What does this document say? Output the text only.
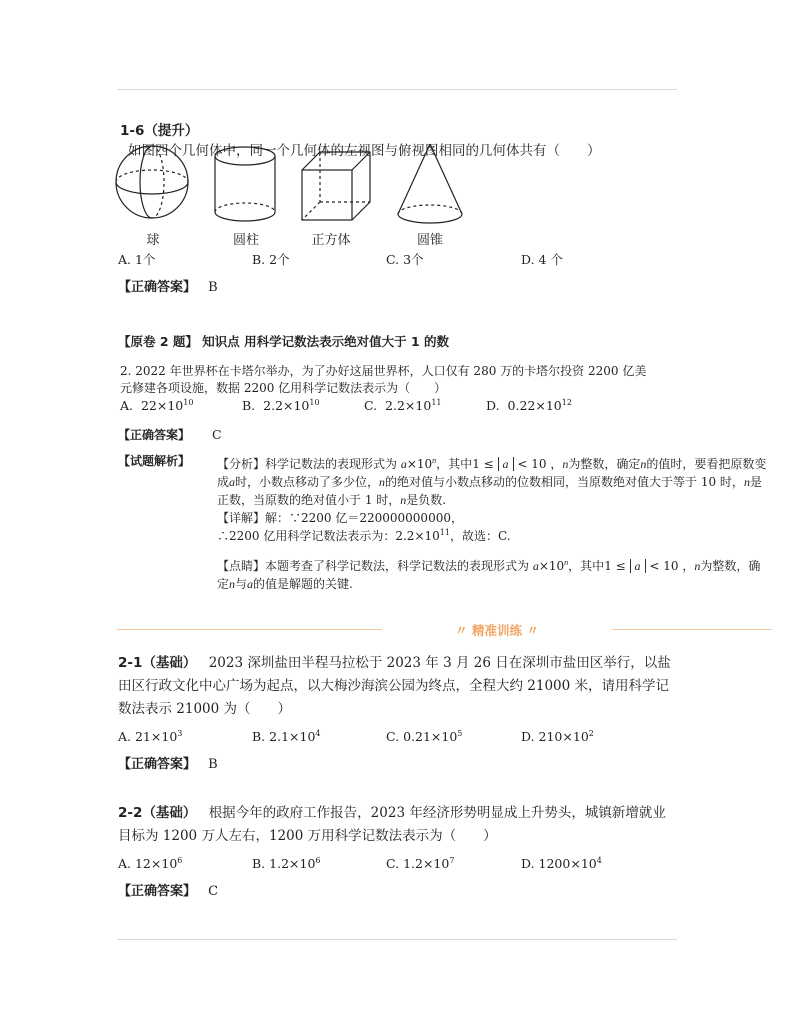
1-6（提升） 如图四个几何体中，同一个几何体的左视图与俯视图相同的几何体共有（　　）
球	圆柱	正方体	圆锥
A. 1个	B. 2个	C. 3个	D. 4 个
【正确答案】 B
【原卷 2 题】 知识点 用科学记数法表示绝对值大于 1 的数
2. 2022 年世界杯在卡塔尔举办，为了办好这届世界杯，人口仅有 280 万的卡塔尔投资 2200 亿美元修建各项设施，数据 2200 亿用科学记数法表示为（　　）
A. $22\times 10^{10}$	B. $2.2\times 10^{10}$	C. $2.2\times 10^{11}$	D. $0.22\times 10^{12}$
【正确答案】 C
【试题解析】 【分析】科学记数法的表现形式为 $a\times 10^n$，其中1 ≤ a < 10 ，n为整数，确定n的值时，要看把原数变成a时，小数点移动了多少位，n的绝对值与小数点移动的位数相同，当原数绝对值大于等于 10 时，n是正数，当原数的绝对值小于 1 时，n是负数.
【详解】解：∵2200 亿＝220000000000，
∴2200 亿用科学记数法表示为：$2.2\times 10^{11}$，故选：C.
【点睛】本题考查了科学记数法，科学记数法的表现形式为 $a\times 10^n$，其中1 ≤ a < 10 ，n为整数，确定n与a的值是解题的关键.
〃 精准训练 〃
2-1（基础） 2023 深圳盐田半程马拉松于 2023 年 3 月 26 日在深圳市盐田区举行，以盐田区行政文化中心广场为起点，以大梅沙海滨公园为终点，全程大约 21000 米，请用科学记数法表示 21000 为（　　）
A. $21\times 10^3$	B. $2.1\times 10^4$	C. $0.21\times 10^5$	D. $210\times 10^2$
【正确答案】 B
2-2（基础） 根据今年的政府工作报告，2023 年经济形势明显成上升势头，城镇新增就业目标为 1200 万人左右，1200 万用科学记数法表示为（　　）
A. $12\times 10^6$	B. $1.2\times 10^6$	C. $1.2\times 10^7$	D. $1200\times 10^4$
【正确答案】 C
